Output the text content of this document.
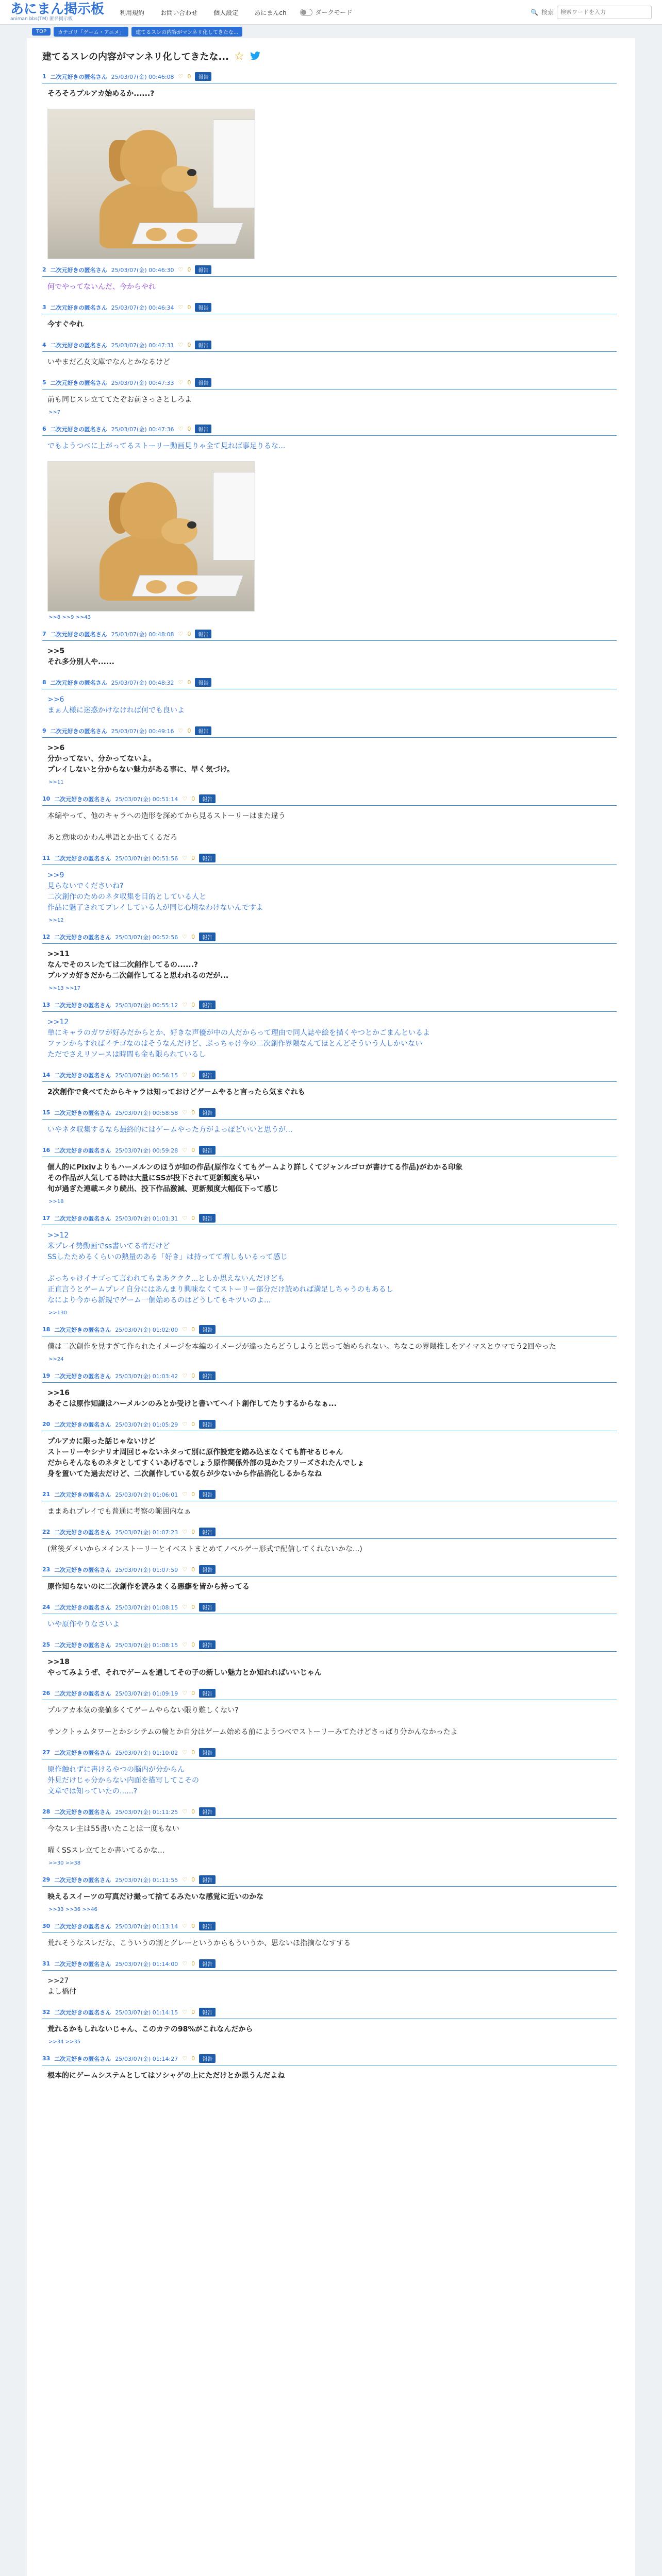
あにまん掲示板
animan bbs(TM) 匿名掲示板
利用規約	お問い合わせ	個人設定	あにまんch	ダークモード	🔍 検索
検索ワードを入力
TOP	カテゴリ「ゲーム・アニメ」	建てるスレの内容がマンネリ化してきたな...
建てるスレの内容がマンネリ化してきたな... ☆
1 二次元好きの匿名さん 25/03/07(金) 00:46:08 ♡ 0	報告
そろそろプルアカ始めるか......?
2 二次元好きの匿名さん 25/03/07(金) 00:46:30 ♡ 0	報告
何でやってないんだ、今からやれ
3 二次元好きの匿名さん 25/03/07(金) 00:46:34 ♡ 0	報告
今すぐやれ
4 二次元好きの匿名さん 25/03/07(金) 00:47:31 ♡ 0	報告
いやまだ乙女文庫でなんとかなるけど
5 二次元好きの匿名さん 25/03/07(金) 00:47:33 ♡ 0	報告
前も同じスレ立ててたぞお前さっさとしろよ
>>7
6 二次元好きの匿名さん 25/03/07(金) 00:47:36 ♡ 0	報告
でもようつべに上がってるストーリー動画見りゃ全て見れば事足りるな...
>>8 >>9 >>43
7 二次元好きの匿名さん 25/03/07(金) 00:48:08 ♡ 0	報告
>>5
それ多分別人や......
8 二次元好きの匿名さん 25/03/07(金) 00:48:32 ♡ 0	報告
>>6
まぁ人様に迷惑かけなければ何でも良いよ
9 二次元好きの匿名さん 25/03/07(金) 00:49:16 ♡ 0	報告
>>6
分かってない、分かってないよ。
プレイしないと分からない魅力がある事に、早く気づけ。
>>11
10 二次元好きの匿名さん 25/03/07(金) 00:51:14 ♡ 0	報告
本編やって、他のキャラへの造形を深めてから見るストーリーはまた違う

あと意味のかわん単語とか出てくるだろ
11 二次元好きの匿名さん 25/03/07(金) 00:51:56 ♡ 0	報告
>>9
見らないでくださいね?
二次創作のためのネタ収集を目的としている人と
作品に魅了されてプレイしている人が同じ心境なわけないんですよ
>>12
12 二次元好きの匿名さん 25/03/07(金) 00:52:56 ♡ 0	報告
>>11
なんでそのスレたては二次創作してるの......?
プルアカ好きだから二次創作してると思われるのだが...
>>13 >>17
13 二次元好きの匿名さん 25/03/07(金) 00:55:12 ♡ 0	報告
>>12
単にキャラのガワが好みだからとか、好きな声優が中の人だからって理由で同人誌や絵を描くやつとかごまんといるよ
ファンからすればイチゴなのはそうなんだけど、ぶっちゃけ今の二次創作界隈なんてほとんどそういう人しかいない
ただでさえリソースは時間も金も限られているし
14 二次元好きの匿名さん 25/03/07(金) 00:56:15 ♡ 0	報告
2次創作で食べてたからキャラは知っておけどゲームやると言ったら気まぐれも
15 二次元好きの匿名さん 25/03/07(金) 00:58:58 ♡ 0	報告
いやネタ収集するなら最終的にはゲームやった方がよっぽどいいと思うが...
16 二次元好きの匿名さん 25/03/07(金) 00:59:28 ♡ 0	報告
個人的にPixivよりもハーメルンのほうが如の作品(原作なくてもゲームより詳しくてジャンルゴロが書けてる作品)がわかる印象
その作品が人気してる時は大量にSSが投下されて更新頻度も早い
旬が過ぎた連載エタり続出、投下作品激減、更新頻度大幅低下って感じ
>>18
17 二次元好きの匿名さん 25/03/07(金) 01:01:31 ♡ 0	報告
>>12
米プレイ勢動画でss書いてる者だけど
SSしたためるくらいの熱量のある「好き」は持ってて増しもいるって感じ

ぶっちゃけイナゴって言われてもまあククク...としか思えないんだけども
正直言うとゲームプレイ自分にはあんまり興味なくてストーリー部分だけ読めれば満足しちゃうのもあるし
なにより今から新規でゲーム一個始めるのはどうしてもキツいのよ...
>>130
18 二次元好きの匿名さん 25/03/07(金) 01:02:00 ♡ 0	報告
僕は二次創作を見すぎて作られたイメージを本編のイメージが違ったらどうしようと思って始められない。ちなこの界隈推しをアイマスとウマでう2回やった
>>24
19 二次元好きの匿名さん 25/03/07(金) 01:03:42 ♡ 0	報告
>>16
あそこは原作知識はハーメルンのみとか受けと書いてヘイト創作してたりするからなぁ...
20 二次元好きの匿名さん 25/03/07(金) 01:05:29 ♡ 0	報告
プルアカに限った話じゃないけど
ストーリーやシナリオ周回じゃないネタって別に原作設定を踏み込まなくても許せるじゃん
だからそんなものネタとしてすくいあげるでしょう原作関係外部の見かたフリーズされたんでしょ
身を置いてた過去だけど、二次創作している奴らが少ないから作品消化しるからなね
21 二次元好きの匿名さん 25/03/07(金) 01:06:01 ♡ 0	報告
ままあれプレイでも普通に考察の範囲内なぁ
22 二次元好きの匿名さん 25/03/07(金) 01:07:23 ♡ 0	報告
(常後ダメいからメインストーリーとイベストまとめてノベルゲー形式で配信してくれないかな...)
23 二次元好きの匿名さん 25/03/07(金) 01:07:59 ♡ 0	報告
原作知らないのに二次創作を読みまくる悪癖を皆から持ってる
24 二次元好きの匿名さん 25/03/07(金) 01:08:15 ♡ 0	報告
いや原作やりなさいよ
25 二次元好きの匿名さん 25/03/07(金) 01:08:15 ♡ 0	報告
>>18
やってみようぜ、それでゲームを通してその子の新しい魅力とか知れればいいじゃん
26 二次元好きの匿名さん 25/03/07(金) 01:09:19 ♡ 0	報告
プルアカ本気の楽値多くてゲームやらない限り難しくない?

サンクトゥムタワーとかシシテムの輪とか自分はゲーム始める前にようつべでストーリーみてたけどさっぱり分かんなかったよ
27 二次元好きの匿名さん 25/03/07(金) 01:10:02 ♡ 0	報告
原作触れずに書けるやつの脳内が分からん
外見だけじゃ分からない内面を描写してこその
文章では知っていたの......?
28 二次元好きの匿名さん 25/03/07(金) 01:11:25 ♡ 0	報告
今なスレ主は55書いたことは一度もない

曜くSSスレ立てとか書いてるかな...
>>30 >>38
29 二次元好きの匿名さん 25/03/07(金) 01:11:55 ♡ 0	報告
映えるスイーツの写真だけ撮って捨てるみたいな感覚に近いのかな
>>33 >>36 >>46
30 二次元好きの匿名さん 25/03/07(金) 01:13:14 ♡ 0	報告
荒れそうなスレだな、こういうの割とグレーというからもういうか、思ないほ指摘ななすする
31 二次元好きの匿名さん 25/03/07(金) 01:14:00 ♡ 0	報告
>>27
よし橋付
32 二次元好きの匿名さん 25/03/07(金) 01:14:15 ♡ 0	報告
荒れるかもしれないじゃん、このカテの98%がこれなんだから
>>34 >>35
33 二次元好きの匿名さん 25/03/07(金) 01:14:27 ♡ 0	報告
根本的にゲームシステムとしてはソシャゲの上にただけとか思うんだよね
